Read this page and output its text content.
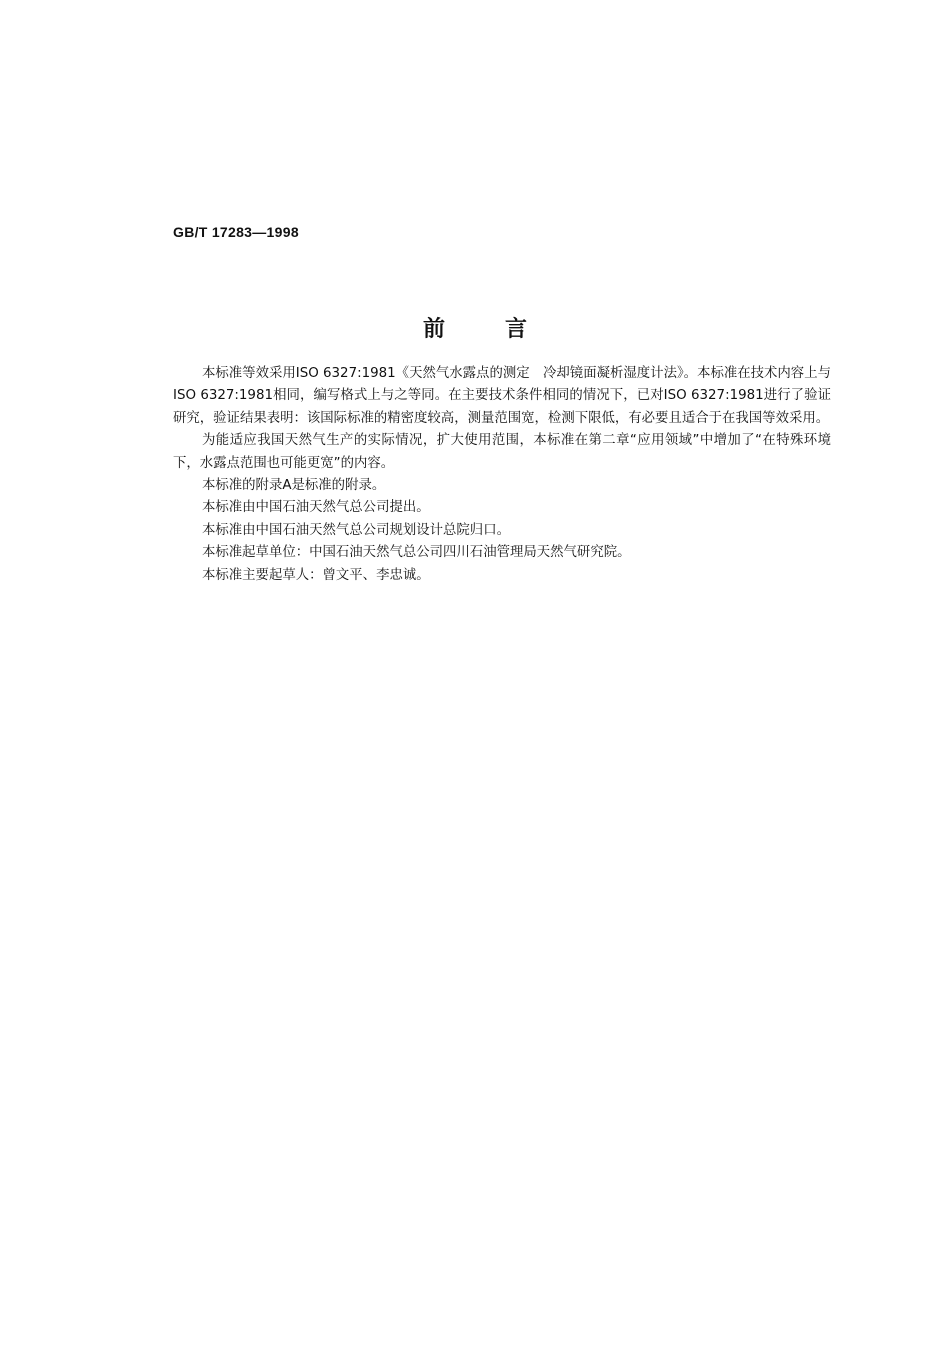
GB/T 17283—1998
前	言

本标准等效采用ISO 6327:1981《天然气水露点的测定　冷却镜面凝析湿度计法》。本标准在技术内容上与ISO 6327:1981相同，编写格式上与之等同。在主要技术条件相同的情况下，已对ISO 6327:1981进行了验证研究，验证结果表明：该国际标准的精密度较高，测量范围宽，检测下限低，有必要且适合于在我国等效采用。

为能适应我国天然气生产的实际情况，扩大使用范围，本标准在第二章“应用领域”中增加了“在特殊环境下，水露点范围也可能更宽”的内容。

本标准的附录A是标准的附录。

本标准由中国石油天然气总公司提出。

本标准由中国石油天然气总公司规划设计总院归口。

本标准起草单位：中国石油天然气总公司四川石油管理局天然气研究院。

本标准主要起草人：曾文平、李忠诚。
